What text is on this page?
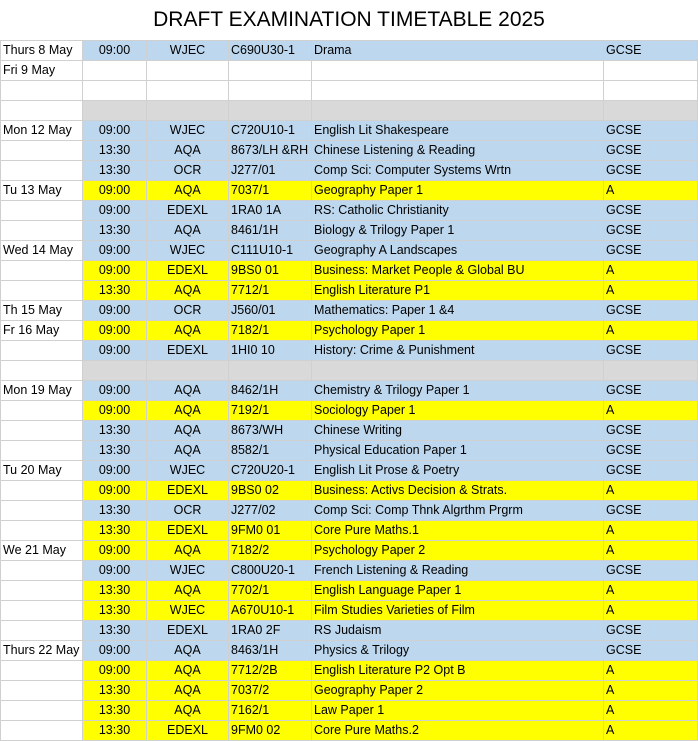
DRAFT EXAMINATION TIMETABLE 2025
Thurs 8 May	09:00	WJEC	C690U30-1	Drama	GCSE
Fri 9 May					

Mon 12 May	09:00	WJEC	C720U10-1	English Lit Shakespeare	GCSE
	13:30	AQA	8673/LH &RH	Chinese Listening & Reading	GCSE
	13:30	OCR	J277/01	Comp Sci: Computer Systems Wrtn	GCSE
Tu 13 May	09:00	AQA	7037/1	Geography Paper 1	A
	09:00	EDEXL	1RA0 1A	RS: Catholic Christianity	GCSE
	13:30	AQA	8461/1H	Biology & Trilogy Paper 1	GCSE
Wed 14 May	09:00	WJEC	C111U10-1	Geography A Landscapes	GCSE
	09:00	EDEXL	9BS0 01	Business: Market People & Global BU	A
	13:30	AQA	7712/1	English Literature P1	A
Th 15 May	09:00	OCR	J560/01	Mathematics: Paper 1 &4	GCSE
Fr 16 May	09:00	AQA	7182/1	Psychology Paper 1	A
	09:00	EDEXL	1HI0 10	History: Crime & Punishment	GCSE

Mon 19 May	09:00	AQA	8462/1H	Chemistry & Trilogy Paper 1	GCSE
	09:00	AQA	7192/1	Sociology Paper 1	A
	13:30	AQA	8673/WH	Chinese Writing	GCSE
	13:30	AQA	8582/1	Physical Education Paper 1	GCSE
Tu 20 May	09:00	WJEC	C720U20-1	English Lit Prose & Poetry	GCSE
	09:00	EDEXL	9BS0 02	Business: Activs Decision & Strats.	A
	13:30	OCR	J277/02	Comp Sci: Comp Thnk Algrthm Prgrm	GCSE
	13:30	EDEXL	9FM0 01	Core Pure Maths.1	A
We 21 May	09:00	AQA	7182/2	Psychology Paper 2	A
	09:00	WJEC	C800U20-1	French Listening & Reading	GCSE
	13:30	AQA	7702/1	English Language Paper 1	A
	13:30	WJEC	A670U10-1	Film Studies Varieties of Film	A
	13:30	EDEXL	1RA0 2F	RS Judaism	GCSE
Thurs 22 May	09:00	AQA	8463/1H	Physics & Trilogy	GCSE
	09:00	AQA	7712/2B	English Literature P2 Opt B	A
	13:30	AQA	7037/2	Geography Paper 2	A
	13:30	AQA	7162/1	Law Paper 1	A
	13:30	EDEXL	9FM0 02	Core Pure Maths.2	A
